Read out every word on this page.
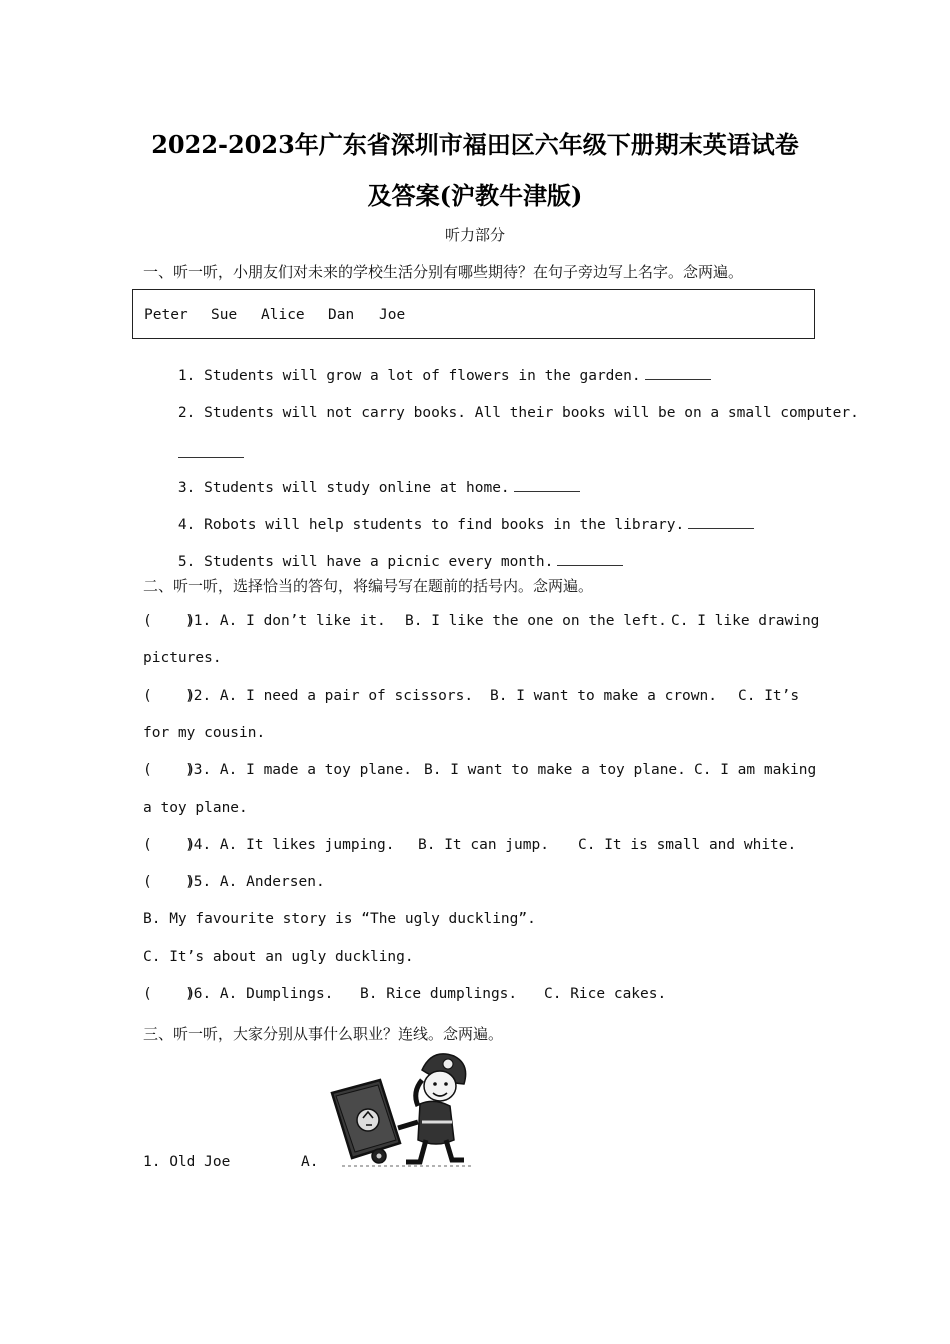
2022-2023年广东省深圳市福田区六年级下册期末英语试卷
及答案(沪教牛津版)
听力部分
一、听一听，小朋友们对未来的学校生活分别有哪些期待？在句子旁边写上名字。念两遍。
Peter Sue Alice Dan Joe

1. Students will grow a lot of flowers in the garden.

2. Students will not carry books. All their books will be on a small computer.

3. Students will study online at home.

4. Robots will help students to find books in the library.

5. Students will have a picnic every month.

二、听一听，选择恰当的答句，将编号写在题前的括号内。念两遍。
(    )
)1. A. I don’t like it. B. I like the one on the left. C. I like drawing
pictures.
(    )
)2. A. I need a pair of scissors. B. I want to make a crown. C. It’s
for my cousin.
(    )
)3. A. I made a toy plane. B. I want to make a toy plane. C. I am making
a toy plane.
(    )
)4. A. It likes jumping. B. It can jump. C. It is small and white.
(    )
)5. A. Andersen.
B. My favourite story is “The ugly duckling”.
C. It’s about an ugly duckling.
(    )
)6. A. Dumplings. B. Rice dumplings. C. Rice cakes.
三、听一听，大家分别从事什么职业？连线。念两遍。
1. Old Joe	A.
